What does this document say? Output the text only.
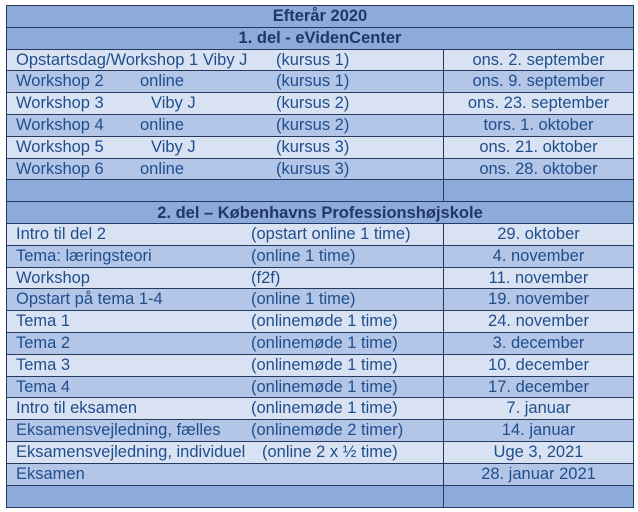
Efterår 2020
1. del - eVidenCenter
Opstartsdag/Workshop 1 Viby J (kursus 1)	ons. 2. september
Workshop 2 online	(kursus 1)	ons. 9. september
Workshop 3	Viby J	(kursus 2)	ons. 23. september
Workshop 4 online	(kursus 2)	tors. 1. oktober
Workshop 5	Viby J	(kursus 3)	ons. 21. oktober
Workshop 6 online	(kursus 3)	ons. 28. oktober
2. del – Københavns Professionshøjskole
Intro til del 2	(opstart online 1 time)	29. oktober
Tema: læringsteori	(online 1 time)	4. november
Workshop	(f2f)	11. november
Opstart på tema 1-4	(online 1 time)	19. november
Tema 1	(onlinemøde 1 time)	24. november
Tema 2	(onlinemøde 1 time)	3. december
Tema 3	(onlinemøde 1 time)	10. december
Tema 4	(onlinemøde 1 time)	17. december
Intro til eksamen	(onlinemøde 1 time)	7. januar
Eksamensvejledning, fælles (onlinemøde 2 timer)	14. januar
Eksamensvejledning, individuel (online 2 x ½ time)	Uge 3, 2021
Eksamen	28. januar 2021
